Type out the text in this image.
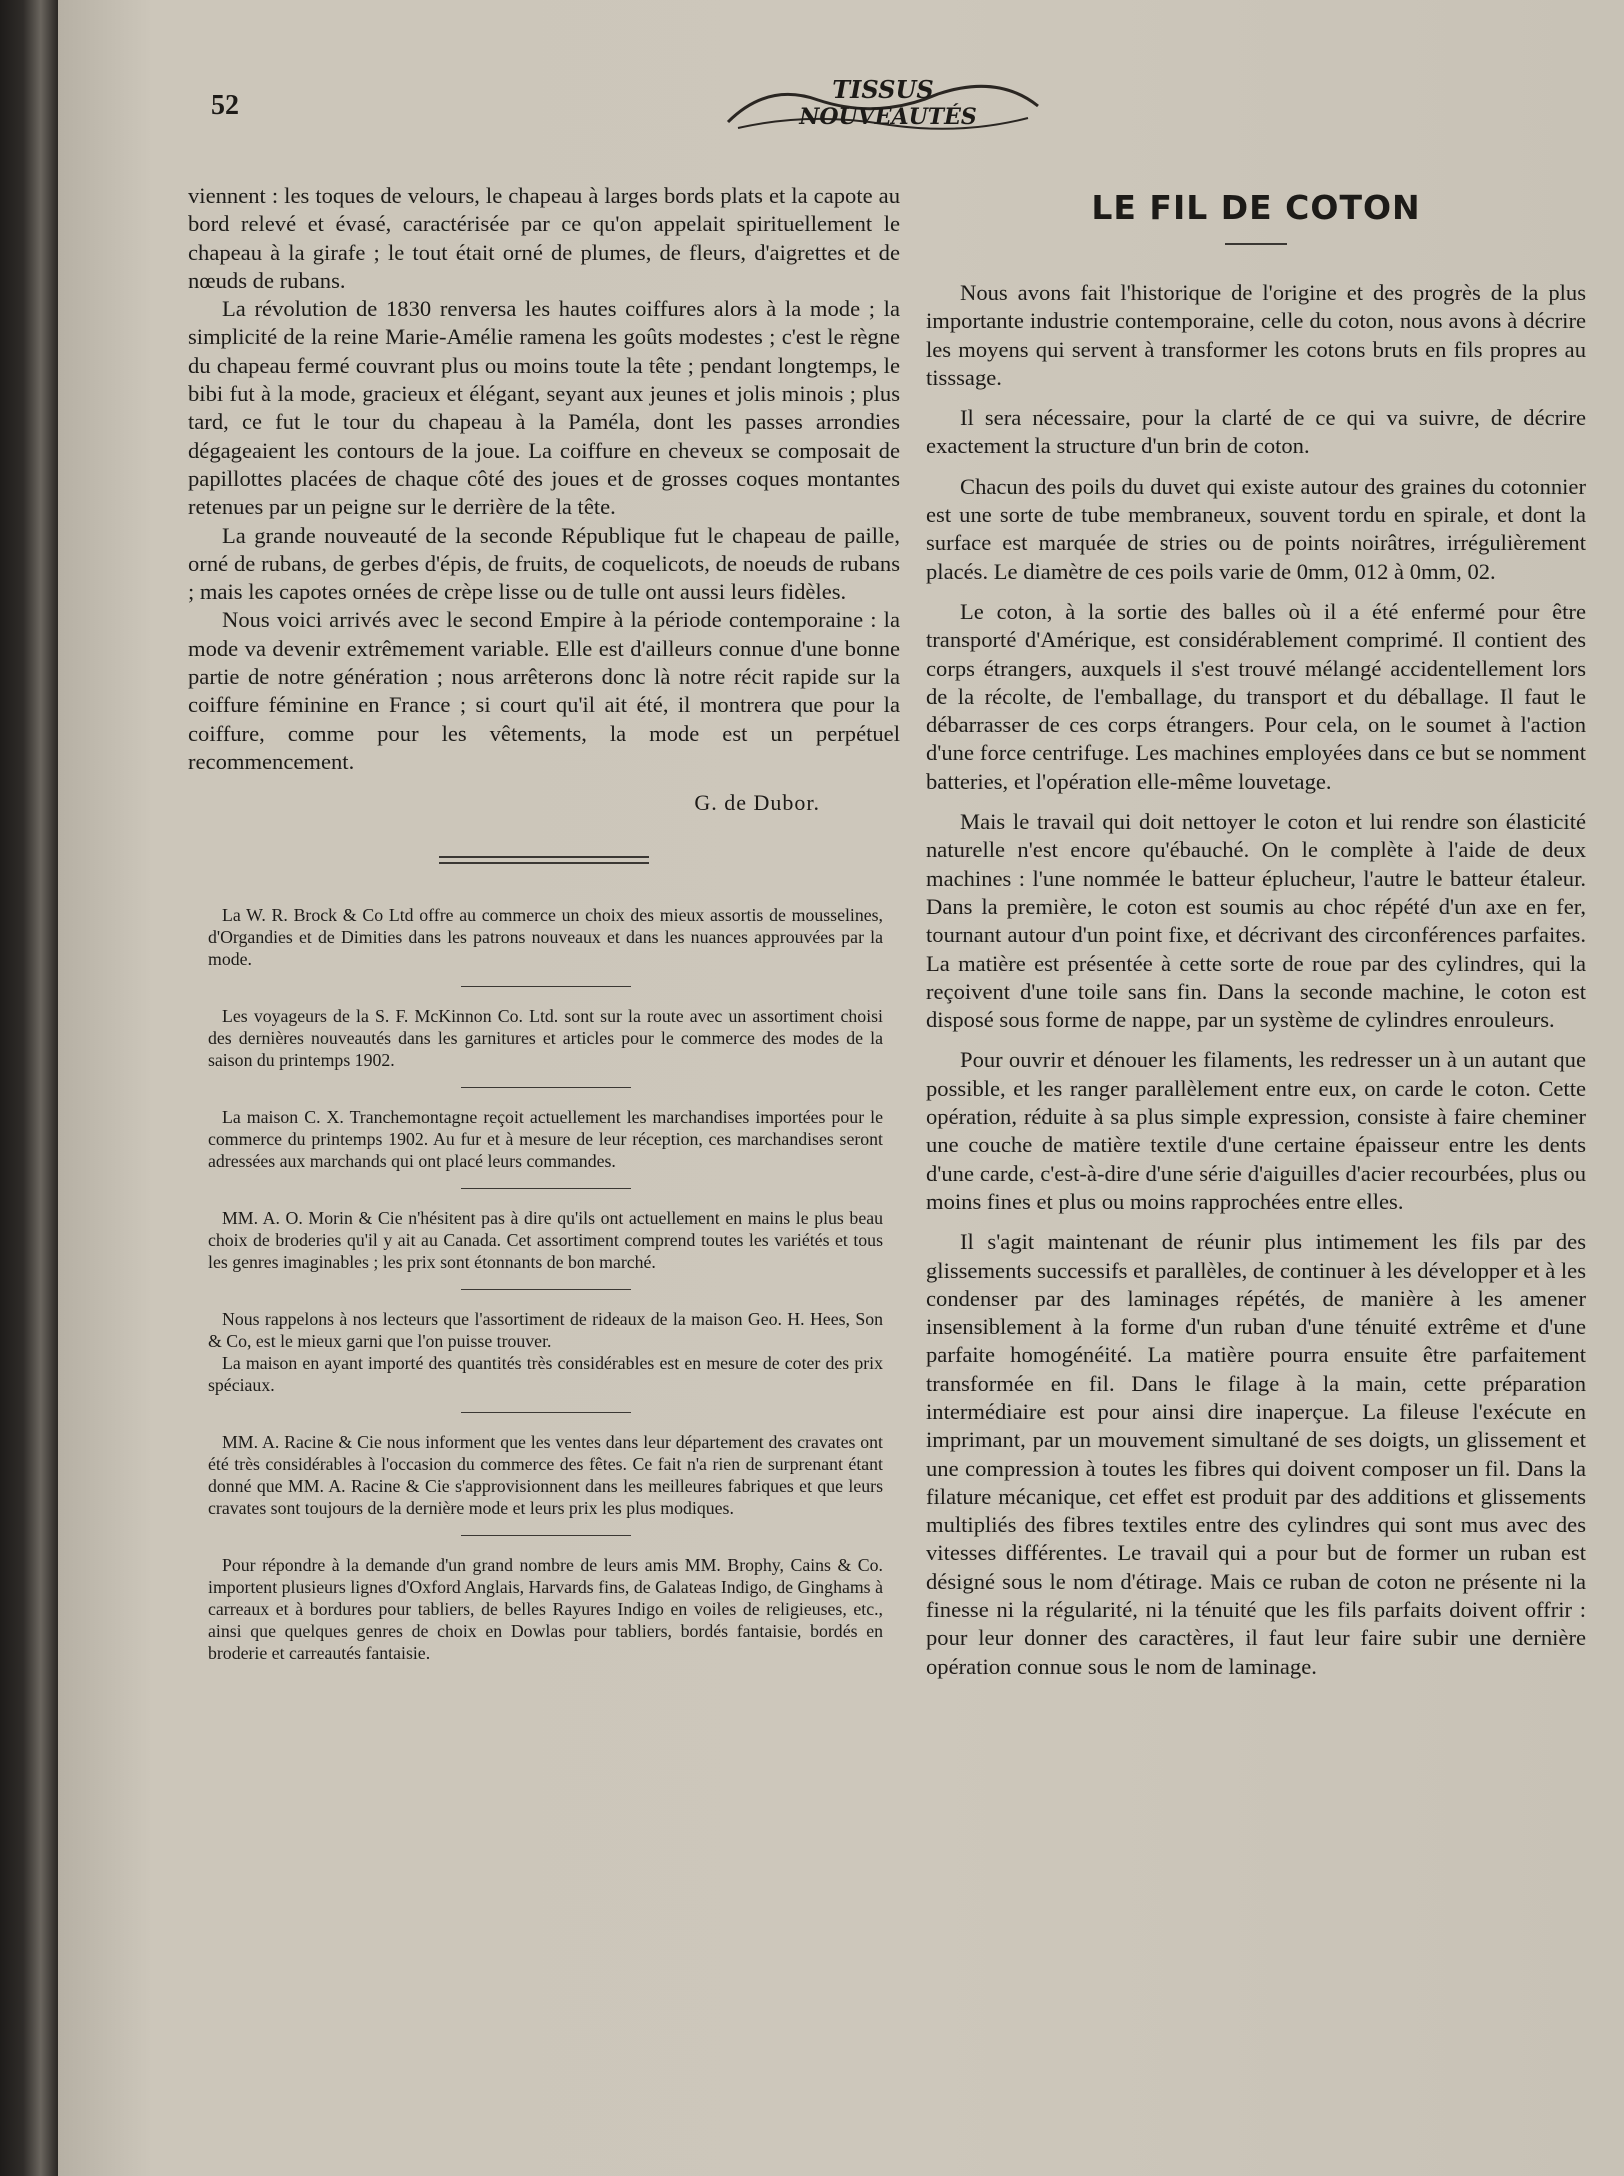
52
TISSUS
NOUVEAUTÉS

viennent : les toques de velours, le chapeau à larges bords plats et la capote au bord relevé et évasé, caractérisée par ce qu'on appelait spirituellement le chapeau à la girafe ; le tout était orné de plumes, de fleurs, d'aigrettes et de nœuds de rubans.

La révolution de 1830 renversa les hautes coiffures alors à la mode ; la simplicité de la reine Marie-Amélie ramena les goûts modestes ; c'est le règne du chapeau fermé couvrant plus ou moins toute la tête ; pendant longtemps, le bibi fut à la mode, gracieux et élégant, seyant aux jeunes et jolis minois ; plus tard, ce fut le tour du chapeau à la Paméla, dont les passes arrondies dégageaient les contours de la joue. La coiffure en cheveux se composait de papillottes placées de chaque côté des joues et de grosses coques montantes retenues par un peigne sur le derrière de la tête.

La grande nouveauté de la seconde République fut le chapeau de paille, orné de rubans, de gerbes d'épis, de fruits, de coquelicots, de noeuds de rubans ; mais les capotes ornées de crèpe lisse ou de tulle ont aussi leurs fidèles.

Nous voici arrivés avec le second Empire à la période contemporaine : la mode va devenir extrêmement variable. Elle est d'ailleurs connue d'une bonne partie de notre génération ; nous arrêterons donc là notre récit rapide sur la coiffure féminine en France ; si court qu'il ait été, il montrera que pour la coiffure, comme pour les vêtements, la mode est un perpétuel recommencement.

G. de Dubor.

La W. R. Brock & Co Ltd offre au commerce un choix des mieux assortis de mousselines, d'Organdies et de Dimities dans les patrons nouveaux et dans les nuances approuvées par la mode.

Les voyageurs de la S. F. McKinnon Co. Ltd. sont sur la route avec un assortiment choisi des dernières nouveautés dans les garnitures et articles pour le commerce des modes de la saison du printemps 1902.

La maison C. X. Tranchemontagne reçoit actuellement les marchandises importées pour le commerce du printemps 1902. Au fur et à mesure de leur réception, ces marchandises seront adressées aux marchands qui ont placé leurs commandes.

MM. A. O. Morin & Cie n'hésitent pas à dire qu'ils ont actuellement en mains le plus beau choix de broderies qu'il y ait au Canada. Cet assortiment comprend toutes les variétés et tous les genres imaginables ; les prix sont étonnants de bon marché.

Nous rappelons à nos lecteurs que l'assortiment de rideaux de la maison Geo. H. Hees, Son & Co, est le mieux garni que l'on puisse trouver.

La maison en ayant importé des quantités très considérables est en mesure de coter des prix spéciaux.

MM. A. Racine & Cie nous informent que les ventes dans leur département des cravates ont été très considérables à l'occasion du commerce des fêtes. Ce fait n'a rien de surprenant étant donné que MM. A. Racine & Cie s'approvisionnent dans les meilleures fabriques et que leurs cravates sont toujours de la dernière mode et leurs prix les plus modiques.

Pour répondre à la demande d'un grand nombre de leurs amis MM. Brophy, Cains & Co. importent plusieurs lignes d'Oxford Anglais, Harvards fins, de Galateas Indigo, de Ginghams à carreaux et à bordures pour tabliers, de belles Rayures Indigo en voiles de religieuses, etc., ainsi que quelques genres de choix en Dowlas pour tabliers, bordés fantaisie, bordés en broderie et carreautés fantaisie.

LE FIL DE COTON

Nous avons fait l'historique de l'origine et des progrès de la plus importante industrie contemporaine, celle du coton, nous avons à décrire les moyens qui servent à transformer les cotons bruts en fils propres au tisssage.

Il sera nécessaire, pour la clarté de ce qui va suivre, de décrire exactement la structure d'un brin de coton.

Chacun des poils du duvet qui existe autour des graines du cotonnier est une sorte de tube membraneux, souvent tordu en spirale, et dont la surface est marquée de stries ou de points noirâtres, irrégulièrement placés. Le diamètre de ces poils varie de 0mm, 012 à 0mm, 02.

Le coton, à la sortie des balles où il a été enfermé pour être transporté d'Amérique, est considérablement comprimé. Il contient des corps étrangers, auxquels il s'est trouvé mélangé accidentellement lors de la récolte, de l'emballage, du transport et du déballage. Il faut le débarrasser de ces corps étrangers. Pour cela, on le soumet à l'action d'une force centrifuge. Les machines employées dans ce but se nomment batteries, et l'opération elle-même louvetage.

Mais le travail qui doit nettoyer le coton et lui rendre son élasticité naturelle n'est encore qu'ébauché. On le complète à l'aide de deux machines : l'une nommée le batteur éplucheur, l'autre le batteur étaleur. Dans la première, le coton est soumis au choc répété d'un axe en fer, tournant autour d'un point fixe, et décrivant des circonférences parfaites. La matière est présentée à cette sorte de roue par des cylindres, qui la reçoivent d'une toile sans fin. Dans la seconde machine, le coton est disposé sous forme de nappe, par un système de cylindres enrouleurs.

Pour ouvrir et dénouer les filaments, les redresser un à un autant que possible, et les ranger parallèlement entre eux, on carde le coton. Cette opération, réduite à sa plus simple expression, consiste à faire cheminer une couche de matière textile d'une certaine épaisseur entre les dents d'une carde, c'est-à-dire d'une série d'aiguilles d'acier recourbées, plus ou moins fines et plus ou moins rapprochées entre elles.

Il s'agit maintenant de réunir plus intimement les fils par des glissements successifs et parallèles, de continuer à les développer et à les condenser par des laminages répétés, de manière à les amener insensiblement à la forme d'un ruban d'une ténuité extrême et d'une parfaite homogénéité. La matière pourra ensuite être parfaitement transformée en fil. Dans le filage à la main, cette préparation intermédiaire est pour ainsi dire inaperçue. La fileuse l'exécute en imprimant, par un mouvement simultané de ses doigts, un glissement et une compression à toutes les fibres qui doivent composer un fil. Dans la filature mécanique, cet effet est produit par des additions et glissements multipliés des fibres textiles entre des cylindres qui sont mus avec des vitesses différentes. Le travail qui a pour but de former un ruban est désigné sous le nom d'étirage. Mais ce ruban de coton ne présente ni la finesse ni la régularité, ni la ténuité que les fils parfaits doivent offrir : pour leur donner des caractères, il faut leur faire subir une dernière opération connue sous le nom de laminage.
